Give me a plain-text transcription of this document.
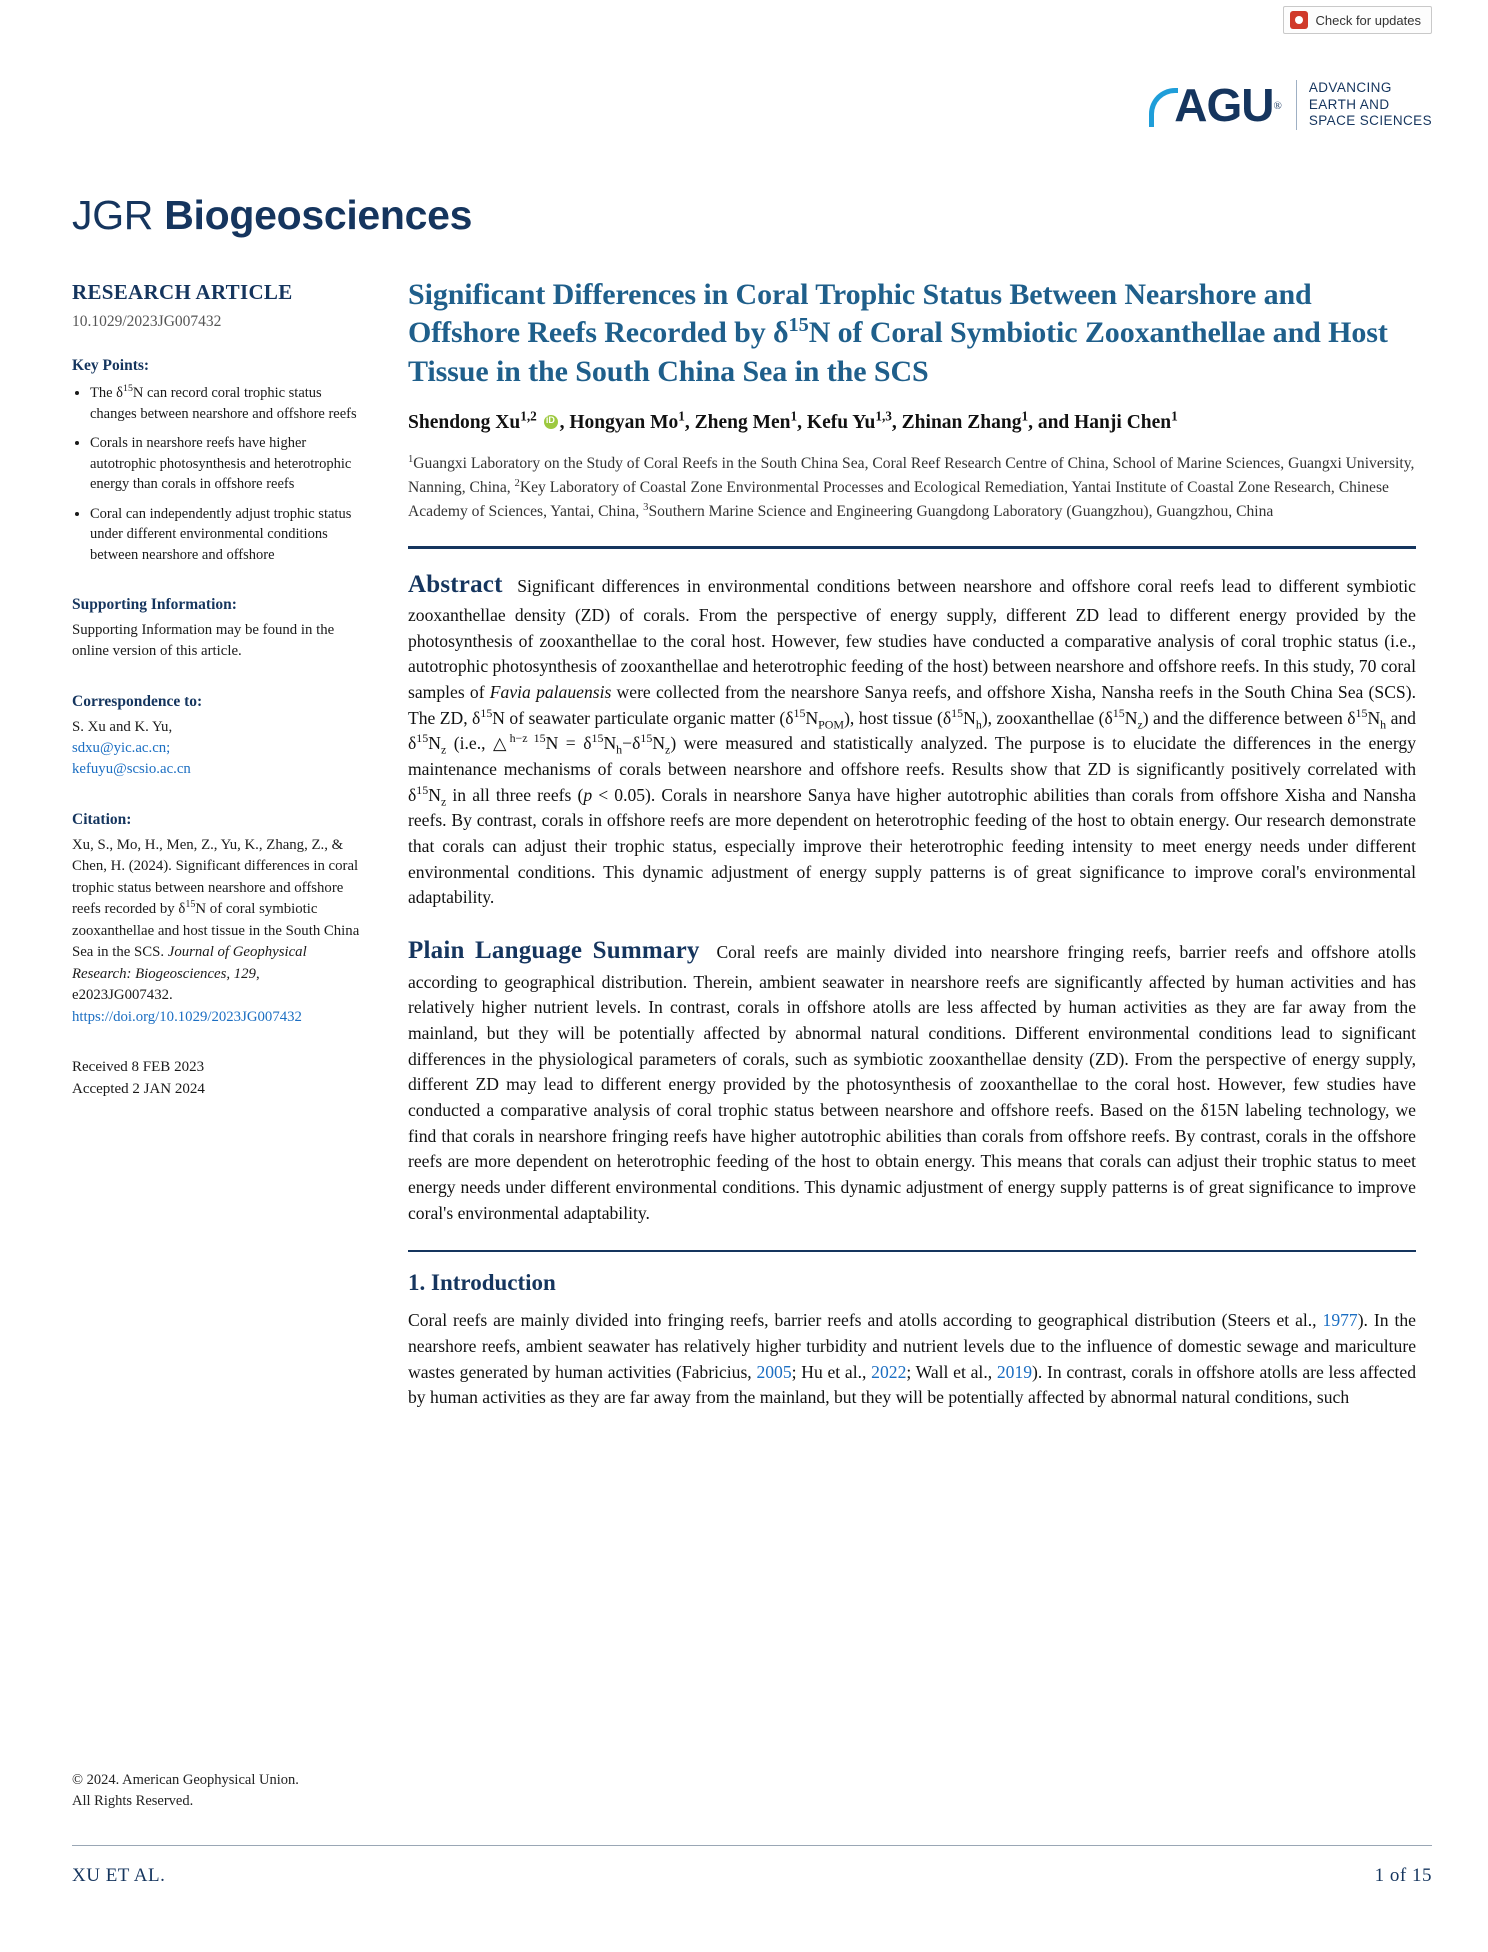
Check for updates
AGU ®
ADVANCING
EARTH AND
SPACE SCIENCES
JGR Biogeosciences
RESEARCH ARTICLE
10.1029/2023JG007432
Key Points:
• The $\delta^{15}N$ can record coral trophic status changes between nearshore and offshore reefs
• Corals in nearshore reefs have higher autotrophic photosynthesis and heterotrophic energy than corals in offshore reefs
• Coral can independently adjust trophic status under different environmental conditions between nearshore and offshore
Supporting Information:
Supporting Information may be found in the online version of this article.
Correspondence to:
S. Xu and K. Yu,
sdxu@yic.ac.cn;
kefuyu@scsio.ac.cn
Citation:
Xu, S., Mo, H., Men, Z., Yu, K., Zhang, Z., & Chen, H. (2024). Significant differences in coral trophic status between nearshore and offshore reefs recorded by $\delta^{15}N$ of coral symbiotic zooxanthellae and host tissue in the South China Sea in the SCS. Journal of Geophysical Research: Biogeosciences, 129, e2023JG007432.
https://doi.org/10.1029/2023JG007432
Received 8 FEB 2023
Accepted 2 JAN 2024
© 2024. American Geophysical Union.
All Rights Reserved.
Significant Differences in Coral Trophic Status Between Nearshore and Offshore Reefs Recorded by $\delta^{15}N$ of Coral Symbiotic Zooxanthellae and Host Tissue in the South China Sea in the SCS
Shendong Xu$^{1,2}$ iD , Hongyan Mo$^1$, Zheng Men$^1$, Kefu Yu$^{1,3}$, Zhinan Zhang$^1$, and Hanji Chen$^1$
$^1$Guangxi Laboratory on the Study of Coral Reefs in the South China Sea, Coral Reef Research Centre of China, School of Marine Sciences, Guangxi University, Nanning, China, $^2$Key Laboratory of Coastal Zone Environmental Processes and Ecological Remediation, Yantai Institute of Coastal Zone Research, Chinese Academy of Sciences, Yantai, China, $^3$Southern Marine Science and Engineering Guangdong Laboratory (Guangzhou), Guangzhou, China
Abstract  Significant differences in environmental conditions between nearshore and offshore coral reefs lead to different symbiotic zooxanthellae density (ZD) of corals. From the perspective of energy supply, different ZD lead to different energy provided by the photosynthesis of zooxanthellae to the coral host. However, few studies have conducted a comparative analysis of coral trophic status (i.e., autotrophic photosynthesis of zooxanthellae and heterotrophic feeding of the host) between nearshore and offshore reefs. In this study, 70 coral samples of Favia palauensis were collected from the nearshore Sanya reefs, and offshore Xisha, Nansha reefs in the South China Sea (SCS). The ZD, $\delta^{15}N$ of seawater particulate organic matter $(\delta^{15}N_{POM})$, host tissue $(\delta^{15}N_h)$, zooxanthellae $(\delta^{15}N_z)$ and the difference between $\delta^{15}N_h$ and $\delta^{15}N_z$ (i.e., △$^{h-z 15}$N = $\delta^{15}N_h-\delta^{15}N_z$) were measured and statistically analyzed. The purpose is to elucidate the differences in the energy maintenance mechanisms of corals between nearshore and offshore reefs. Results show that ZD is significantly positively correlated with $\delta^{15}N_z$ in all three reefs (p < 0.05). Corals in nearshore Sanya have higher autotrophic abilities than corals from offshore Xisha and Nansha reefs. By contrast, corals in offshore reefs are more dependent on heterotrophic feeding of the host to obtain energy. Our research demonstrate that corals can adjust their trophic status, especially improve their heterotrophic feeding intensity to meet energy needs under different environmental conditions. This dynamic adjustment of energy supply patterns is of great significance to improve coral's environmental adaptability.
Plain Language Summary Coral reefs are mainly divided into nearshore fringing reefs, barrier reefs and offshore atolls according to geographical distribution. Therein, ambient seawater in nearshore reefs are significantly affected by human activities and has relatively higher nutrient levels. In contrast, corals in offshore atolls are less affected by human activities as they are far away from the mainland, but they will be potentially affected by abnormal natural conditions. Different environmental conditions lead to significant differences in the physiological parameters of corals, such as symbiotic zooxanthellae density (ZD). From the perspective of energy supply, different ZD may lead to different energy provided by the photosynthesis of zooxanthellae to the coral host. However, few studies have conducted a comparative analysis of coral trophic status between nearshore and offshore reefs. Based on the δ15N labeling technology, we find that corals in nearshore fringing reefs have higher autotrophic abilities than corals from offshore reefs. By contrast, corals in the offshore reefs are more dependent on heterotrophic feeding of the host to obtain energy. This means that corals can adjust their trophic status to meet energy needs under different environmental conditions. This dynamic adjustment of energy supply patterns is of great significance to improve coral's environmental adaptability.
1. Introduction
Coral reefs are mainly divided into fringing reefs, barrier reefs and atolls according to geographical distribution (Steers et al., 1977). In the nearshore reefs, ambient seawater has relatively higher turbidity and nutrient levels due to the influence of domestic sewage and mariculture wastes generated by human activities (Fabricius, 2005; Hu et al., 2022; Wall et al., 2019). In contrast, corals in offshore atolls are less affected by human activities as they are far away from the mainland, but they will be potentially affected by abnormal natural conditions, such
XU ET AL.	1 of 15
